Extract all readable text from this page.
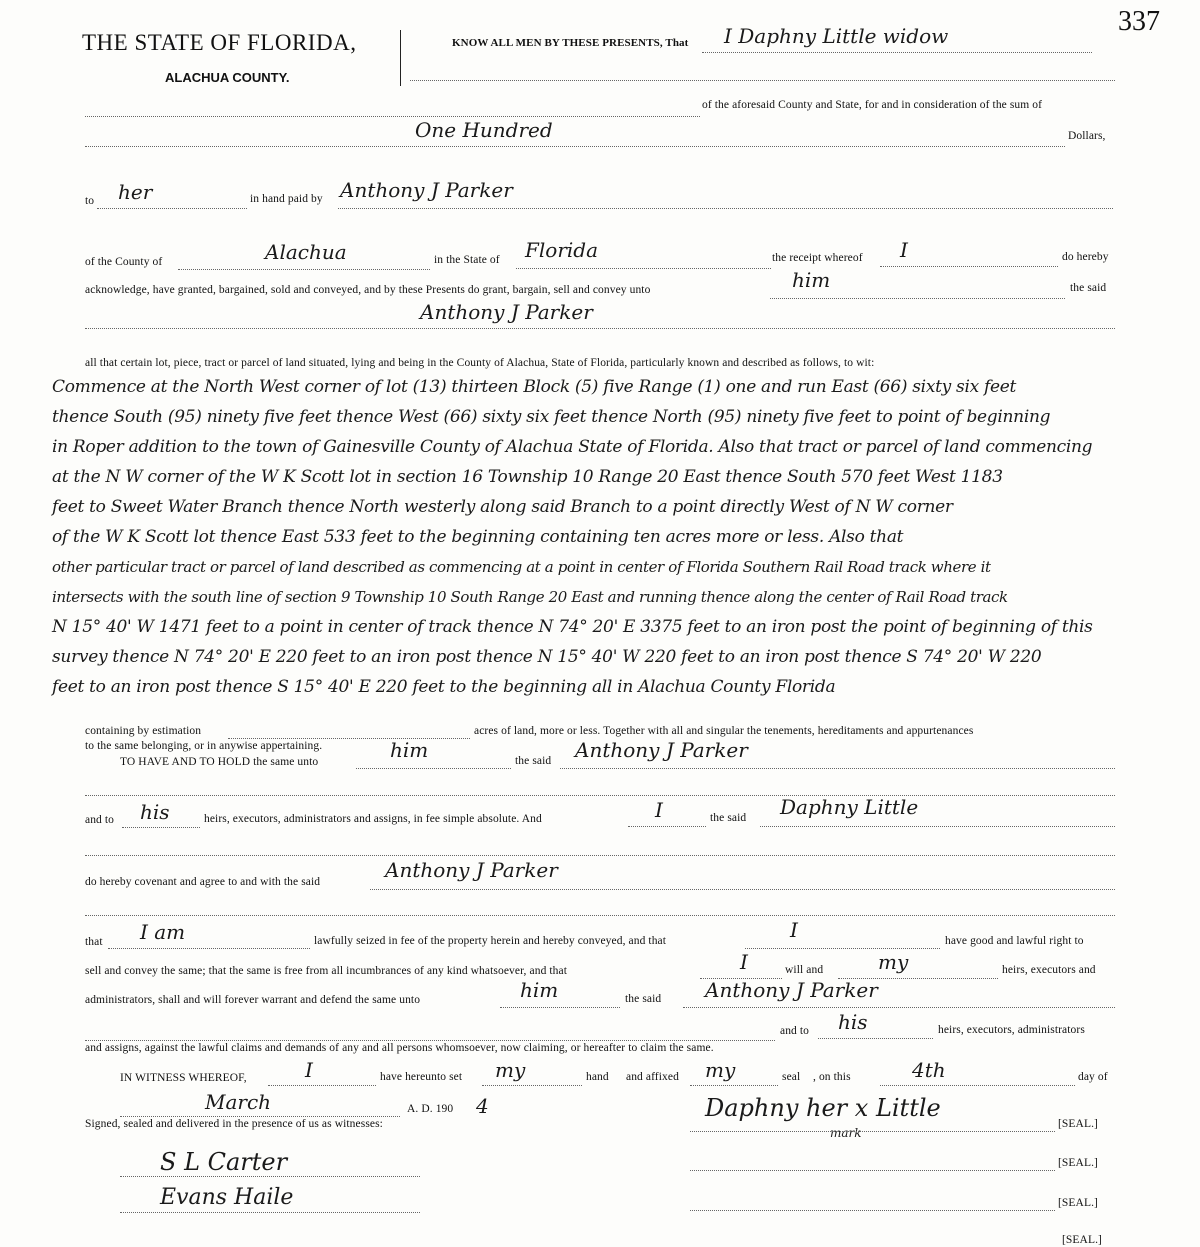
337
THE STATE OF FLORIDA,
ALACHUA COUNTY.
KNOW ALL MEN BY THESE PRESENTS, That I Daphny Little widow
of the aforesaid County and State, for and in consideration of the sum of
One Hundred	Dollars,
to her	in hand paid by Anthony J Parker
of the County of	Alachua	in the State of Florida	the receipt whereof I	do hereby
acknowledge, have granted, bargained, sold and conveyed, and by these Presents do grant, bargain, sell and convey unto	him	the said
Anthony J Parker
all that certain lot, piece, tract or parcel of land situated, lying and being in the County of Alachua, State of Florida, particularly known and described as follows, to wit:
Commence at the North West corner of lot (13) thirteen Block (5) five Range (1) one and run East (66) sixty six feet
thence South (95) ninety five feet thence West (66) sixty six feet thence North (95) ninety five feet to point of beginning
in Roper addition to the town of Gainesville County of Alachua State of Florida. Also that tract or parcel of land commencing
at the N W corner of the W K Scott lot in section 16 Township 10 Range 20 East thence South 570 feet West 1183
feet to Sweet Water Branch thence North westerly along said Branch to a point directly West of N W corner
of the W K Scott lot thence East 533 feet to the beginning containing ten acres more or less. Also that
other particular tract or parcel of land described as commencing at a point in center of Florida Southern Rail Road track where it
intersects with the south line of section 9 Township 10 South Range 20 East and running thence along the center of Rail Road track
N 15° 40' W 1471 feet to a point in center of track thence N 74° 20' E 3375 feet to an iron post the point of beginning of this
survey thence N 74° 20' E 220 feet to an iron post thence N 15° 40' W 220 feet to an iron post thence S 74° 20' W 220
feet to an iron post thence S 15° 40' E 220 feet to the beginning all in Alachua County Florida
containing by estimation	acres of land, more or less. Together with all and singular the tenements, hereditaments and appurtenances
to the same belonging, or in anywise appertaining.
TO HAVE AND TO HOLD the same unto	him	the said Anthony J Parker
and to his	heirs, executors, administrators and assigns, in fee simple absolute. And	I	the said Daphny Little
do hereby covenant and agree to and with the said	Anthony J Parker
that I am	lawfully seized in fee of the property herein and hereby conveyed, and that	I	have good and lawful right to
sell and convey the same; that the same is free from all incumbrances of any kind whatsoever, and that	I	will and	my	heirs, executors and
administrators, shall and will forever warrant and defend the same unto	him	the said Anthony J Parker
and to his	heirs, executors, administrators
and assigns, against the lawful claims and demands of any and all persons whomsoever, now claiming, or hereafter to claim the same.
IN WITNESS WHEREOF,	I	have hereunto set my	hand and affixed my	seal , on this	4th	day of
March	A. D. 190 4
Signed, sealed and delivered in the presence of us as witnesses:
Daphny her x Little
mark
[SEAL.]
S L Carter	[SEAL.]
Evans Haile	[SEAL.]
[SEAL.]
